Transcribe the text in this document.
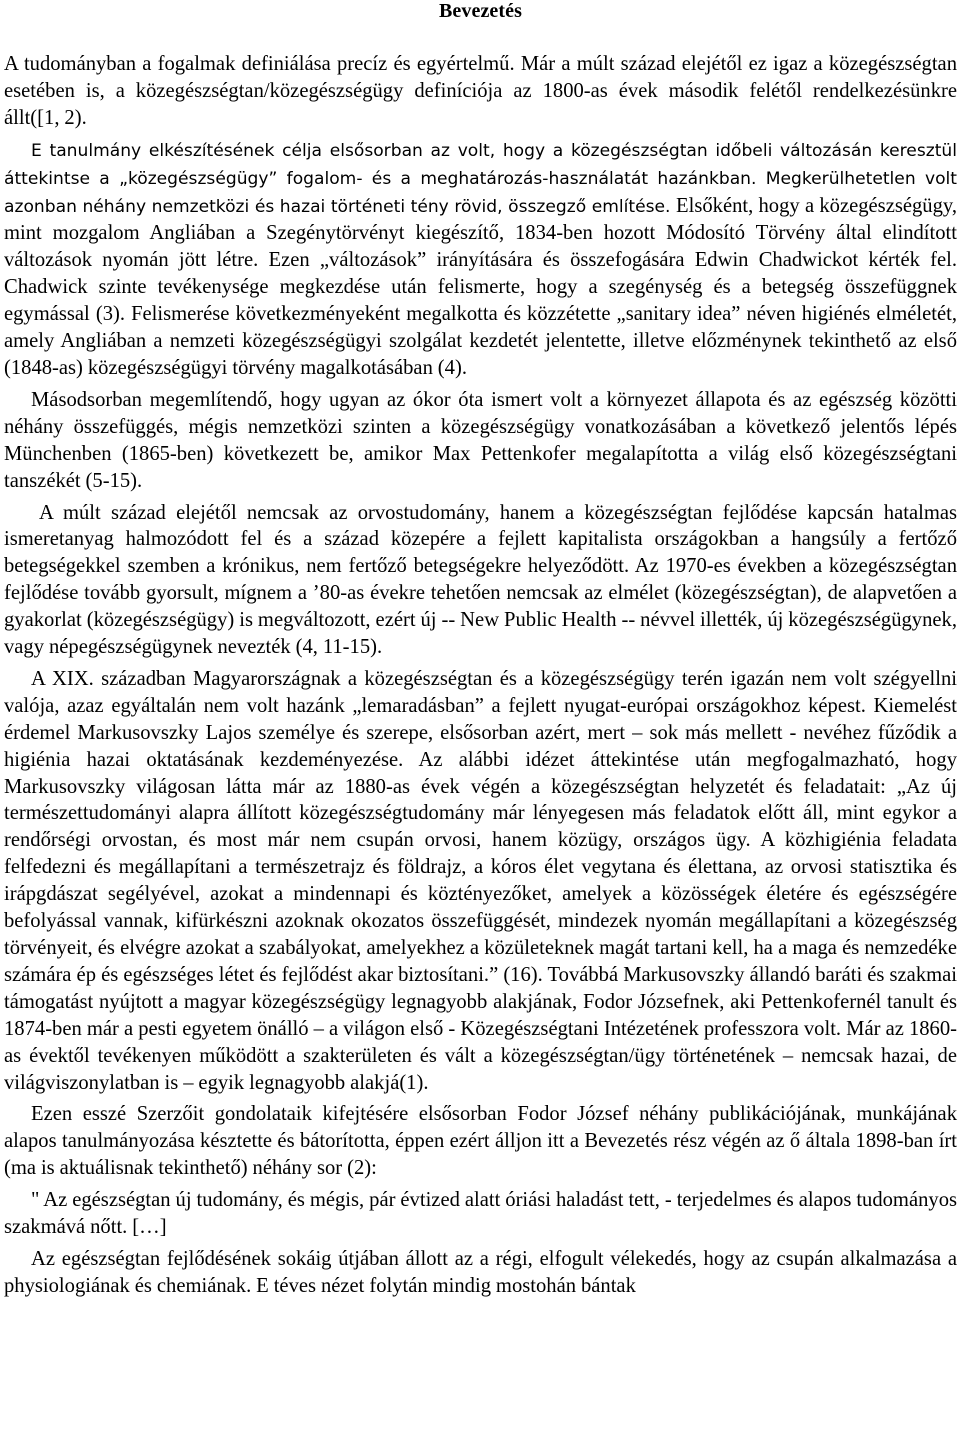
Bevezetés

A tudományban a fogalmak definiálása precíz és egyértelmű. Már a múlt század elejétől ez igaz a közegészségtan esetében is, a közegészségtan/közegészségügy definíciója az 1800-as évek második felétől rendelkezésünkre állt([1, 2).

E tanulmány elkészítésének célja elsősorban az volt, hogy a közegészségtan időbeli változásán keresztül áttekintse a „közegészségügy” fogalom- és a meghatározás-használatát hazánkban. Megkerülhetetlen volt azonban néhány nemzetközi és hazai történeti tény rövid, összegző említése. Elsőként, hogy a közegészségügy, mint mozgalom Angliában a Szegénytörvényt kiegészítő, 1834-ben hozott Módosító Törvény által elindított változások nyomán jött létre. Ezen „változások” irányítására és összefogására Edwin Chadwickot kérték fel. Chadwick szinte tevékenysége megkezdése után felismerte, hogy a szegénység és a betegség összefüggnek egymással (3). Felismerése következményeként megalkotta és közzétette „sanitary idea” néven higiénés elméletét, amely Angliában a nemzeti közegészségügyi szolgálat kezdetét jelentette, illetve előzménynek tekinthető az első (1848-as) közegészségügyi törvény magalkotásában (4).

Másodsorban megemlítendő, hogy ugyan az ókor óta ismert volt a környezet állapota és az egészség közötti néhány összefüggés, mégis nemzetközi szinten a közegészségügy vonatkozásában a következő jelentős lépés Münchenben (1865-ben) következett be, amikor Max Pettenkofer megalapította a világ első közegészségtani tanszékét (5-15).

A múlt század elejétől nemcsak az orvostudomány, hanem a közegészségtan fejlődése kapcsán hatalmas ismeretanyag halmozódott fel és a század közepére a fejlett kapitalista országokban a hangsúly a fertőző betegségekkel szemben a krónikus, nem fertőző betegségekre helyeződött. Az 1970-es években a közegészségtan fejlődése tovább gyorsult, mígnem a ’80-as évekre tehetően nemcsak az elmélet (közegészségtan), de alapvetően a gyakorlat (közegészségügy) is megváltozott, ezért új -- New Public Health -- névvel illették, új közegészségügynek, vagy népegészségügynek nevezték (4, 11-15).

A XIX. században Magyarországnak a közegészségtan és a közegészségügy terén igazán nem volt szégyellni valója, azaz egyáltalán nem volt hazánk „lemaradásban” a fejlett nyugat-európai országokhoz képest. Kiemelést érdemel Markusovszky Lajos személye és szerepe, elsősorban azért, mert – sok más mellett - nevéhez fűződik a higiénia hazai oktatásának kezdeményezése. Az alábbi idézet áttekintése után megfogalmazható, hogy Markusovszky világosan látta már az 1880-as évek végén a közegészségtan helyzetét és feladatait: „Az új természettudományi alapra állított közegészségtudomány már lényegesen más feladatok előtt áll, mint egykor a rendőrségi orvostan, és most már nem csupán orvosi, hanem közügy, országos ügy. A közhigiénia feladata felfedezni és megállapítani a természetrajz és földrajz, a kóros élet vegytana és élettana, az orvosi statisztika és irápgdászat segélyével, azokat a mindennapi és köztényezőket, amelyek a közösségek életére és egészségére befolyással vannak, kifürkészni azoknak okozatos összefüggését, mindezek nyomán megállapítani a közegészség törvényeit, és elvégre azokat a szabályokat, amelyekhez a közületeknek magát tartani kell, ha a maga és nemzedéke számára ép és egészséges létet és fejlődést akar biztosítani.” (16). Továbbá Markusovszky állandó baráti és szakmai támogatást nyújtott a magyar közegészségügy legnagyobb alakjának, Fodor Józsefnek, aki Pettenkofernél tanult és 1874-ben már a pesti egyetem önálló – a világon első - Közegészségtani Intézetének professzora volt. Már az 1860-as évektől tevékenyen működött a szakterületen és vált a közegészségtan/ügy történetének – nemcsak hazai, de világviszonylatban is – egyik legnagyobb alakjá(1).

Ezen esszé Szerzőit gondolataik kifejtésére elsősorban Fodor József néhány publikációjának, munkájának alapos tanulmányozása késztette és bátorította, éppen ezért álljon itt a Bevezetés rész végén az ő általa 1898-ban írt (ma is aktuálisnak tekinthető) néhány sor (2):

" Az egészségtan új tudomány, és mégis, pár évtized alatt óriási haladást tett, - terjedelmes és alapos tudományos szakmává nőtt. […]

Az egészségtan fejlődésének sokáig útjában állott az a régi, elfogult vélekedés, hogy az csupán alkalmazása a physiologiának és chemiának. E téves nézet folytán mindig mostohán bántak
